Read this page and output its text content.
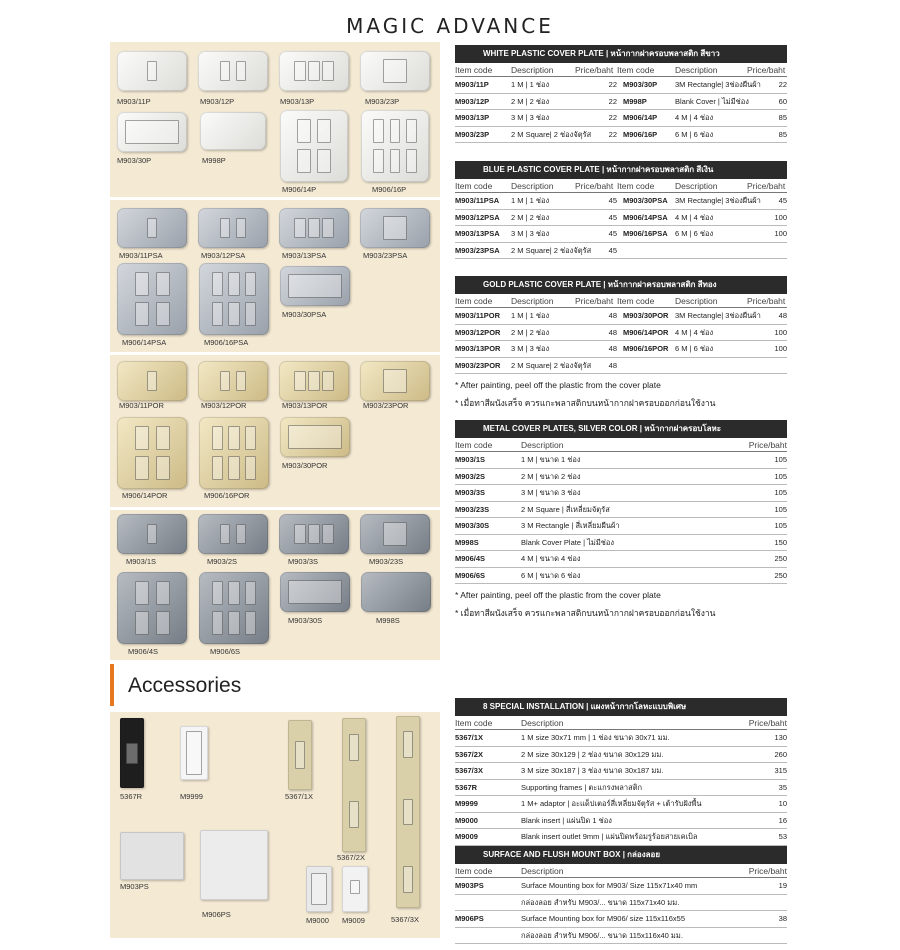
MAGIC ADVANCE
M903/11P	M903/12P	M903/13P	M903/23P
M903/30P	M998P
M906/14P	M906/16P
M903/11PSA	M903/12PSA	M903/13PSA	M903/23PSA
M906/14PSA	M906/16PSA
M903/30PSA
M903/11POR	M903/12POR	M903/13POR	M903/23POR
M906/14POR	M906/16POR
M903/30POR
M903/1S	M903/2S	M903/3S	M903/23S
M906/4S	M906/6S
M903/30S	M998S
5367R	M9999	5367/1X
5367/2X
5367/3X
M903PS
M906PS
M9000 M9009
Accessories
WHITE PLASTIC COVER PLATE | หน้ากากฝาครอบพลาสติก สีขาว
Item code	Description	Price/baht Item code	Description	Price/baht
M903/11P	1 M | 1 ช่อง	22 M903/30P	3M Rectangle| 3ช่องผืนผ้า	22
M903/12P	2 M | 2 ช่อง	22 M998P	Blank Cover | ไม่มีช่อง	60
M903/13P	3 M | 3 ช่อง	22 M906/14P	4 M | 4 ช่อง	85
M903/23P	2 M Square| 2 ช่องจัตุรัส	22 M906/16P	6 M | 6 ช่อง	85
BLUE PLASTIC COVER PLATE | หน้ากากฝาครอบพลาสติก สีเงิน
Item code	Description	Price/baht Item code	Description	Price/baht
M903/11PSA	1 M | 1 ช่อง	45 M903/30PSA 3M Rectangle| 3ช่องผืนผ้า	45
M903/12PSA	2 M | 2 ช่อง	45 M906/14PSA 4 M | 4 ช่อง	100
M903/13PSA	3 M | 3 ช่อง	45 M906/16PSA 6 M | 6 ช่อง	100
M903/23PSA	2 M Square| 2 ช่องจัตุรัส	45
GOLD PLASTIC COVER PLATE | หน้ากากฝาครอบพลาสติก สีทอง
Item code	Description	Price/baht Item code	Description	Price/baht
M903/11POR	1 M | 1 ช่อง	48 M903/30POR 3M Rectangle| 3ช่องผืนผ้า	48
M903/12POR	2 M | 2 ช่อง	48 M906/14POR 4 M | 4 ช่อง	100
M903/13POR	3 M | 3 ช่อง	48 M906/16POR 6 M | 6 ช่อง	100
M903/23POR	2 M Square| 2 ช่องจัตุรัส	48
METAL COVER PLATES, SILVER COLOR | หน้ากากฝาครอบโลหะ
Item code	Description	Price/baht
M903/1S	1 M | ขนาด 1 ช่อง	105
M903/2S	2 M | ขนาด 2 ช่อง	105
M903/3S	3 M | ขนาด 3 ช่อง	105
M903/23S	2 M Square | สี่เหลี่ยมจัตุรัส	105
M903/30S	3 M Rectangle | สี่เหลี่ยมผืนผ้า	105
M998S	Blank Cover Plate | ไม่มีช่อง	150
M906/4S	4 M | ขนาด 4 ช่อง	250
M906/6S	6 M | ขนาด 6 ช่อง	250
8 SPECIAL INSTALLATION | แผงหน้ากากโลหะแบบพิเศษ
Item code	Description	Price/baht
5367/1X	1 M size 30x71 mm | 1 ช่อง ขนาด 30x71 มม.	130
5367/2X	2 M size 30x129 | 2 ช่อง ขนาด 30x129 มม.	260
5367/3X	3 M size 30x187 | 3 ช่อง ขนาด 30x187 มม.	315
5367R	Supporting frames | ตะแกรงพลาสติก	35
M9999	1 M+ adaptor | อะแด็ปเตอร์สี่เหลี่ยมจัตุรัส + เต้ารับฝังพื้น	10
M9000	Blank insert | แผ่นปิด 1 ช่อง	16
M9009	Blank insert outlet 9mm | แผ่นปิดพร้อมรูร้อยสายเคเบิล	53
SURFACE AND FLUSH MOUNT BOX | กล่องลอย
Item code	Description	Price/baht
M903PS	Surface Mounting box for M903/ Size 115x71x40 mm	19
กล่องลอย สำหรับ M903/... ขนาด 115x71x40 มม.
M906PS	Surface Mounting box for M906/ size 115x116x55	38
กล่องลอย สำหรับ M906/... ขนาด 115x116x40 มม.
* After painting, peel off the plastic from the cover plate
* เมื่อทาสีผนังเสร็จ ควรแกะพลาสติกบนหน้ากากฝาครอบออกก่อนใช้งาน
* After painting, peel off the plastic from the cover plate
* เมื่อทาสีผนังเสร็จ ควรแกะพลาสติกบนหน้ากากฝาครอบออกก่อนใช้งาน
